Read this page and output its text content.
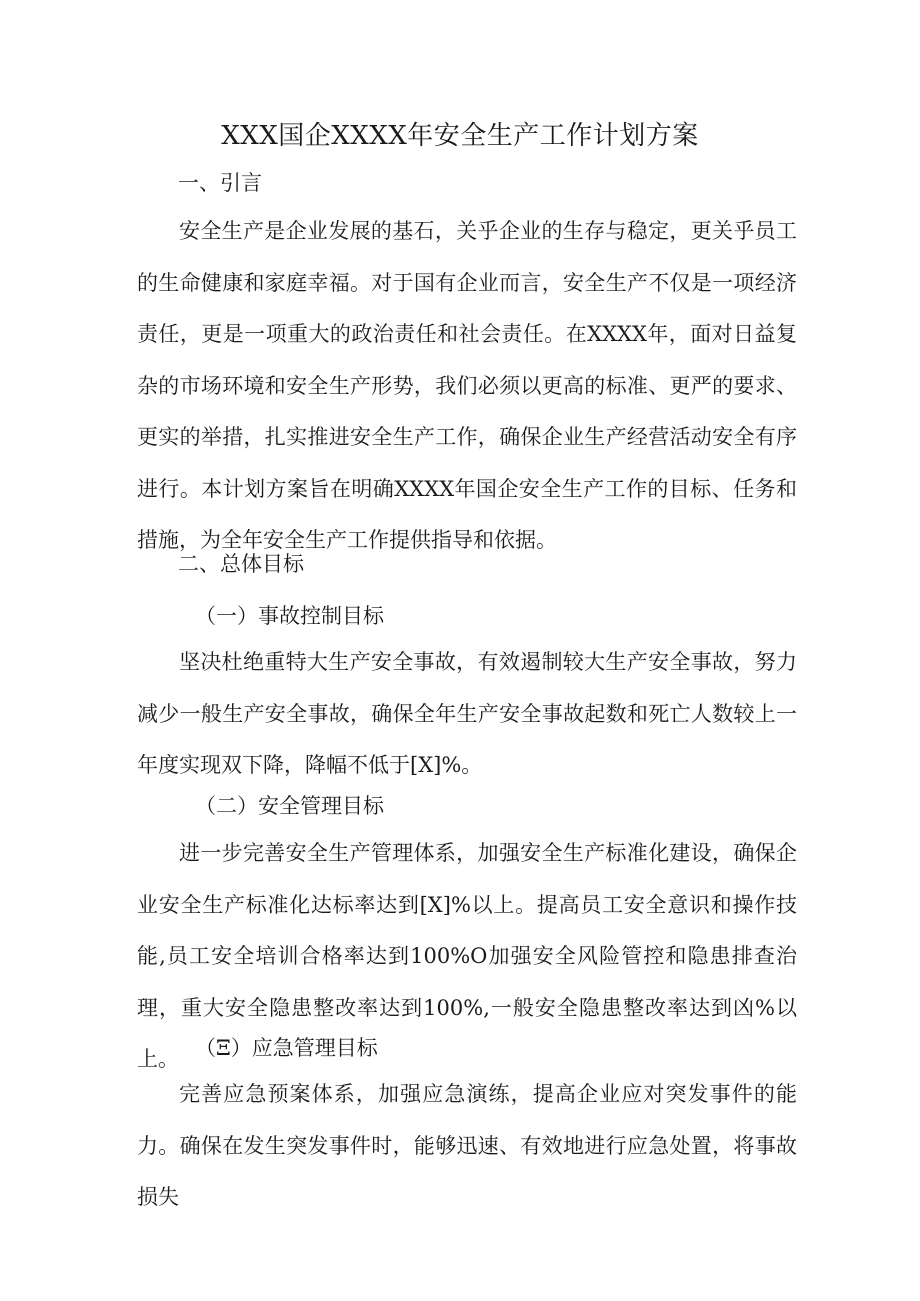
XXX国企XXXX年安全生产工作计划方案
一、引言

安全生产是企业发展的基石，关乎企业的生存与稳定，更关乎员工的生命健康和家庭幸福。对于国有企业而言，安全生产不仅是一项经济责任，更是一项重大的政治责任和社会责任。在XXXX年，面对日益复杂的市场环境和安全生产形势，我们必须以更高的标准、更严的要求、更实的举措，扎实推进安全生产工作，确保企业生产经营活动安全有序进行。本计划方案旨在明确XXXX年国企安全生产工作的目标、任务和措施，为全年安全生产工作提供指导和依据。

二、总体目标
（一）事故控制目标

坚决杜绝重特大生产安全事故，有效遏制较大生产安全事故，努力减少一般生产安全事故，确保全年生产安全事故起数和死亡人数较上一年度实现双下降，降幅不低于[X]%。

（二）安全管理目标

进一步完善安全生产管理体系，加强安全生产标准化建设，确保企业安全生产标准化达标率达到[X]%以上。提高员工安全意识和操作技能,员工安全培训合格率达到100%O加强安全风险管控和隐患排查治理，重大安全隐患整改率达到100%,一般安全隐患整改率达到凶%以上。 （Ξ）应急管理目标

完善应急预案体系，加强应急演练，提高企业应对突发事件的能力。确保在发生突发事件时，能够迅速、有效地进行应急处置，将事故损失
